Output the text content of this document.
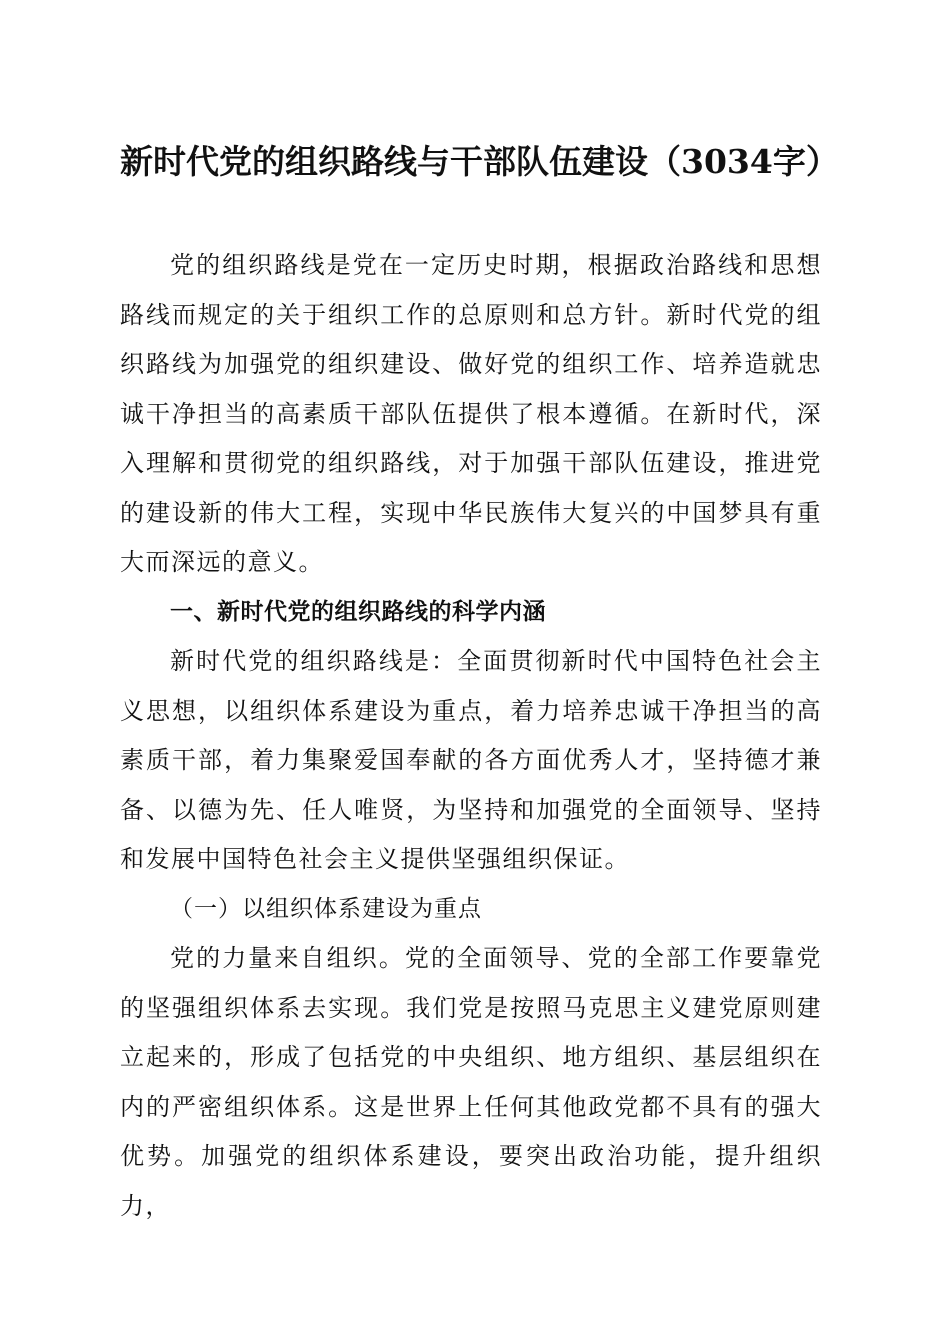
新时代党的组织路线与干部队伍建设（3034字）

党的组织路线是党在一定历史时期，根据政治路线和思想路线而规定的关于组织工作的总原则和总方针。新时代党的组织路线为加强党的组织建设、做好党的组织工作、培养造就忠诚干净担当的高素质干部队伍提供了根本遵循。在新时代，深入理解和贯彻党的组织路线，对于加强干部队伍建设，推进党的建设新的伟大工程，实现中华民族伟大复兴的中国梦具有重大而深远的意义。

一、新时代党的组织路线的科学内涵

新时代党的组织路线是：全面贯彻新时代中国特色社会主义思想，以组织体系建设为重点，着力培养忠诚干净担当的高素质干部，着力集聚爱国奉献的各方面优秀人才，坚持德才兼备、以德为先、任人唯贤，为坚持和加强党的全面领导、坚持和发展中国特色社会主义提供坚强组织保证。

（一）以组织体系建设为重点

党的力量来自组织。党的全面领导、党的全部工作要靠党的坚强组织体系去实现。我们党是按照马克思主义建党原则建立起来的，形成了包括党的中央组织、地方组织、基层组织在内的严密组织体系。这是世界上任何其他政党都不具有的强大优势。加强党的组织体系建设，要突出政治功能，提升组织力，
